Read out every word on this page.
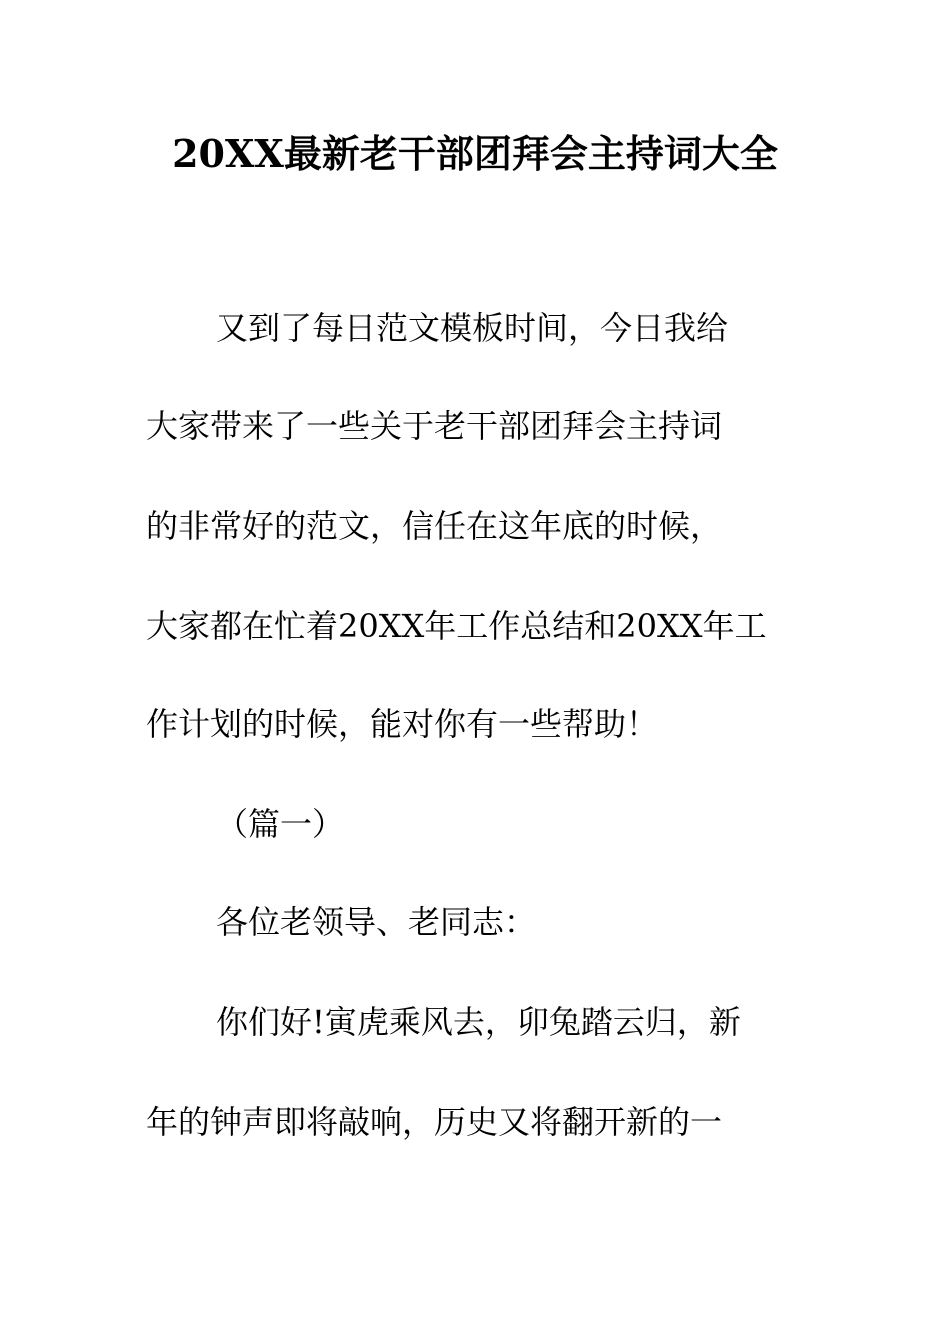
20XX最新老干部团拜会主持词大全
又到了每日范文模板时间，今日我给
大家带来了一些关于老干部团拜会主持词
的非常好的范文，信任在这年底的时候，
大家都在忙着20XX年工作总结和20XX年工
作计划的时候，能对你有一些帮助！
（篇一）
各位老领导、老同志：
你们好!寅虎乘风去，卯兔踏云归，新
年的钟声即将敲响，历史又将翻开新的一
